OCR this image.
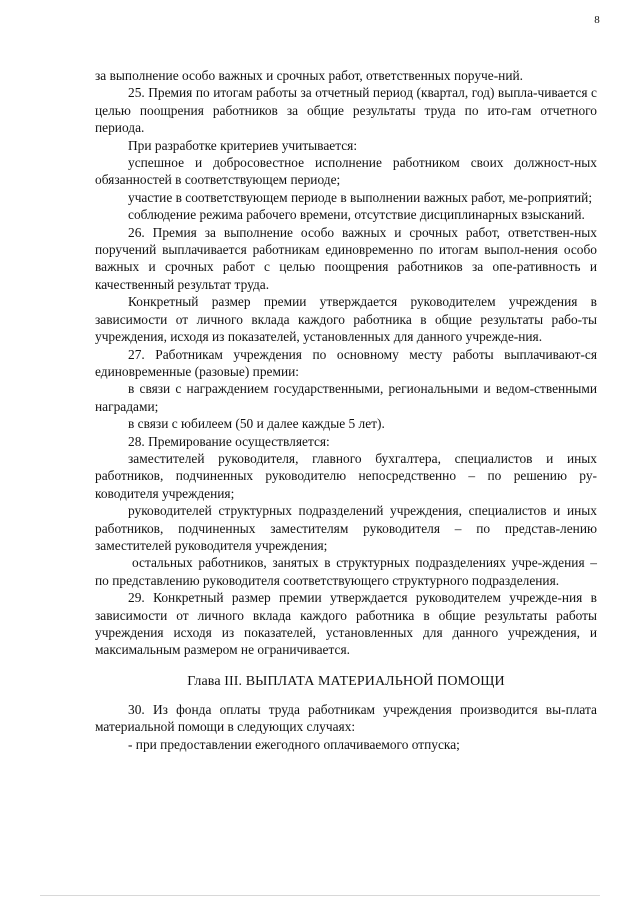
8

за выполнение особо важных и срочных работ, ответственных поруче-ний.

25. Премия по итогам работы за отчетный период (квартал, год) выпла-чивается с целью поощрения работников за общие результаты труда по ито-гам отчетного периода.

При разработке критериев учитывается:

успешное и добросовестное исполнение работником своих должност-ных обязанностей в соответствующем периоде;

участие в соответствующем периоде в выполнении важных работ, ме-роприятий;

соблюдение режима рабочего времени, отсутствие дисциплинарных взысканий.

26. Премия за выполнение особо важных и срочных работ, ответствен-ных поручений выплачивается работникам единовременно по итогам выпол-нения особо важных и срочных работ с целью поощрения работников за опе-ративность и качественный результат труда.

Конкретный размер премии утверждается руководителем учреждения в зависимости от личного вклада каждого работника в общие результаты рабо-ты учреждения, исходя из показателей, установленных для данного учрежде-ния.

27. Работникам учреждения по основному месту работы выплачивают-ся единовременные (разовые) премии:

в связи с награждением государственными, региональными и ведом-ственными наградами;

в связи с юбилеем (50 и далее каждые 5 лет).

28. Премирование осуществляется:

заместителей руководителя, главного бухгалтера, специалистов и иных работников, подчиненных руководителю непосредственно – по решению ру-ководителя учреждения;

руководителей структурных подразделений учреждения, специалистов и иных работников, подчиненных заместителям руководителя – по представ-лению заместителей руководителя учреждения;

остальных работников, занятых в структурных подразделениях учре-ждения – по представлению руководителя соответствующего структурного подразделения.

29. Конкретный размер премии утверждается руководителем учрежде-ния в зависимости от личного вклада каждого работника в общие результаты работы учреждения исходя из показателей, установленных для данного учреждения, и максимальным размером не ограничивается.

Глава III. ВЫПЛАТА МАТЕРИАЛЬНОЙ ПОМОЩИ

30. Из фонда оплаты труда работникам учреждения производится вы-плата материальной помощи в следующих случаях:

- при предоставлении ежегодного оплачиваемого отпуска;
